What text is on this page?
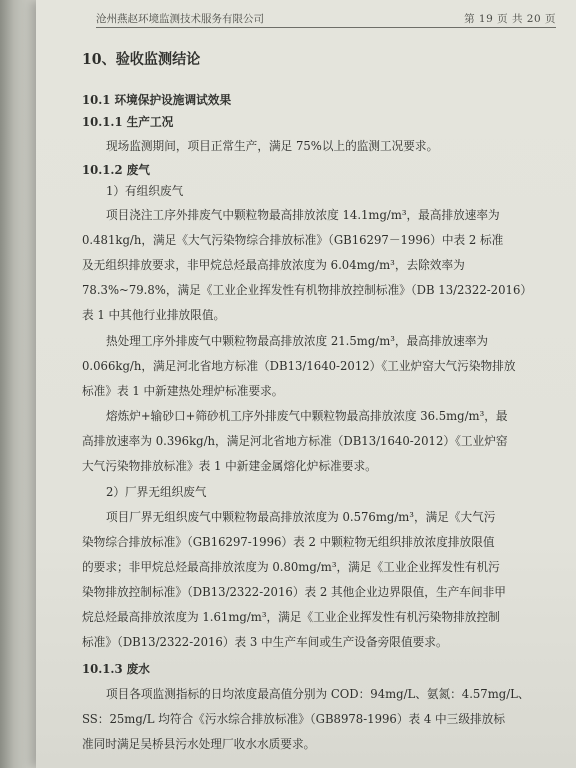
沧州燕赵环境监测技术服务有限公司	第 19 页 共 20 页
10、验收监测结论
10.1 环境保护设施调试效果
10.1.1 生产工况
现场监测期间，项目正常生产，满足 75%以上的监测工况要求。
10.1.2 废气
1）有组织废气
项目浇注工序外排废气中颗粒物最高排放浓度 14.1mg/m³，最高排放速率为
0.481kg/h，满足《大气污染物综合排放标准》（GB16297－1996）中表 2 标准
及无组织排放要求，非甲烷总烃最高排放浓度为 6.04mg/m³，去除效率为
78.3%~79.8%，满足《工业企业挥发性有机物排放控制标准》（DB 13/2322-2016）
表 1 中其他行业排放限值。
热处理工序外排废气中颗粒物最高排放浓度 21.5mg/m³，最高排放速率为
0.066kg/h，满足河北省地方标准（DB13/1640-2012）《工业炉窑大气污染物排放
标准》表 1 中新建热处理炉标准要求。
熔炼炉+输砂口+筛砂机工序外排废气中颗粒物最高排放浓度 36.5mg/m³，最
高排放速率为 0.396kg/h，满足河北省地方标准（DB13/1640-2012）《工业炉窑
大气污染物排放标准》表 1 中新建金属熔化炉标准要求。
2）厂界无组织废气
项目厂界无组织废气中颗粒物最高排放浓度为 0.576mg/m³，满足《大气污
染物综合排放标准》（GB16297-1996）表 2 中颗粒物无组织排放浓度排放限值
的要求；非甲烷总烃最高排放浓度为 0.80mg/m³，满足《工业企业挥发性有机污
染物排放控制标准》（DB13/2322-2016）表 2 其他企业边界限值，生产车间非甲
烷总烃最高排放浓度为 1.61mg/m³，满足《工业企业挥发性有机污染物排放控制
标准》（DB13/2322-2016）表 3 中生产车间或生产设备旁限值要求。
10.1.3 废水
项目各项监测指标的日均浓度最高值分别为 COD：94mg/L、氨氮：4.57mg/L、
SS：25mg/L 均符合《污水综合排放标准》（GB8978-1996）表 4 中三级排放标
准同时满足吴桥县污水处理厂收水水质要求。
